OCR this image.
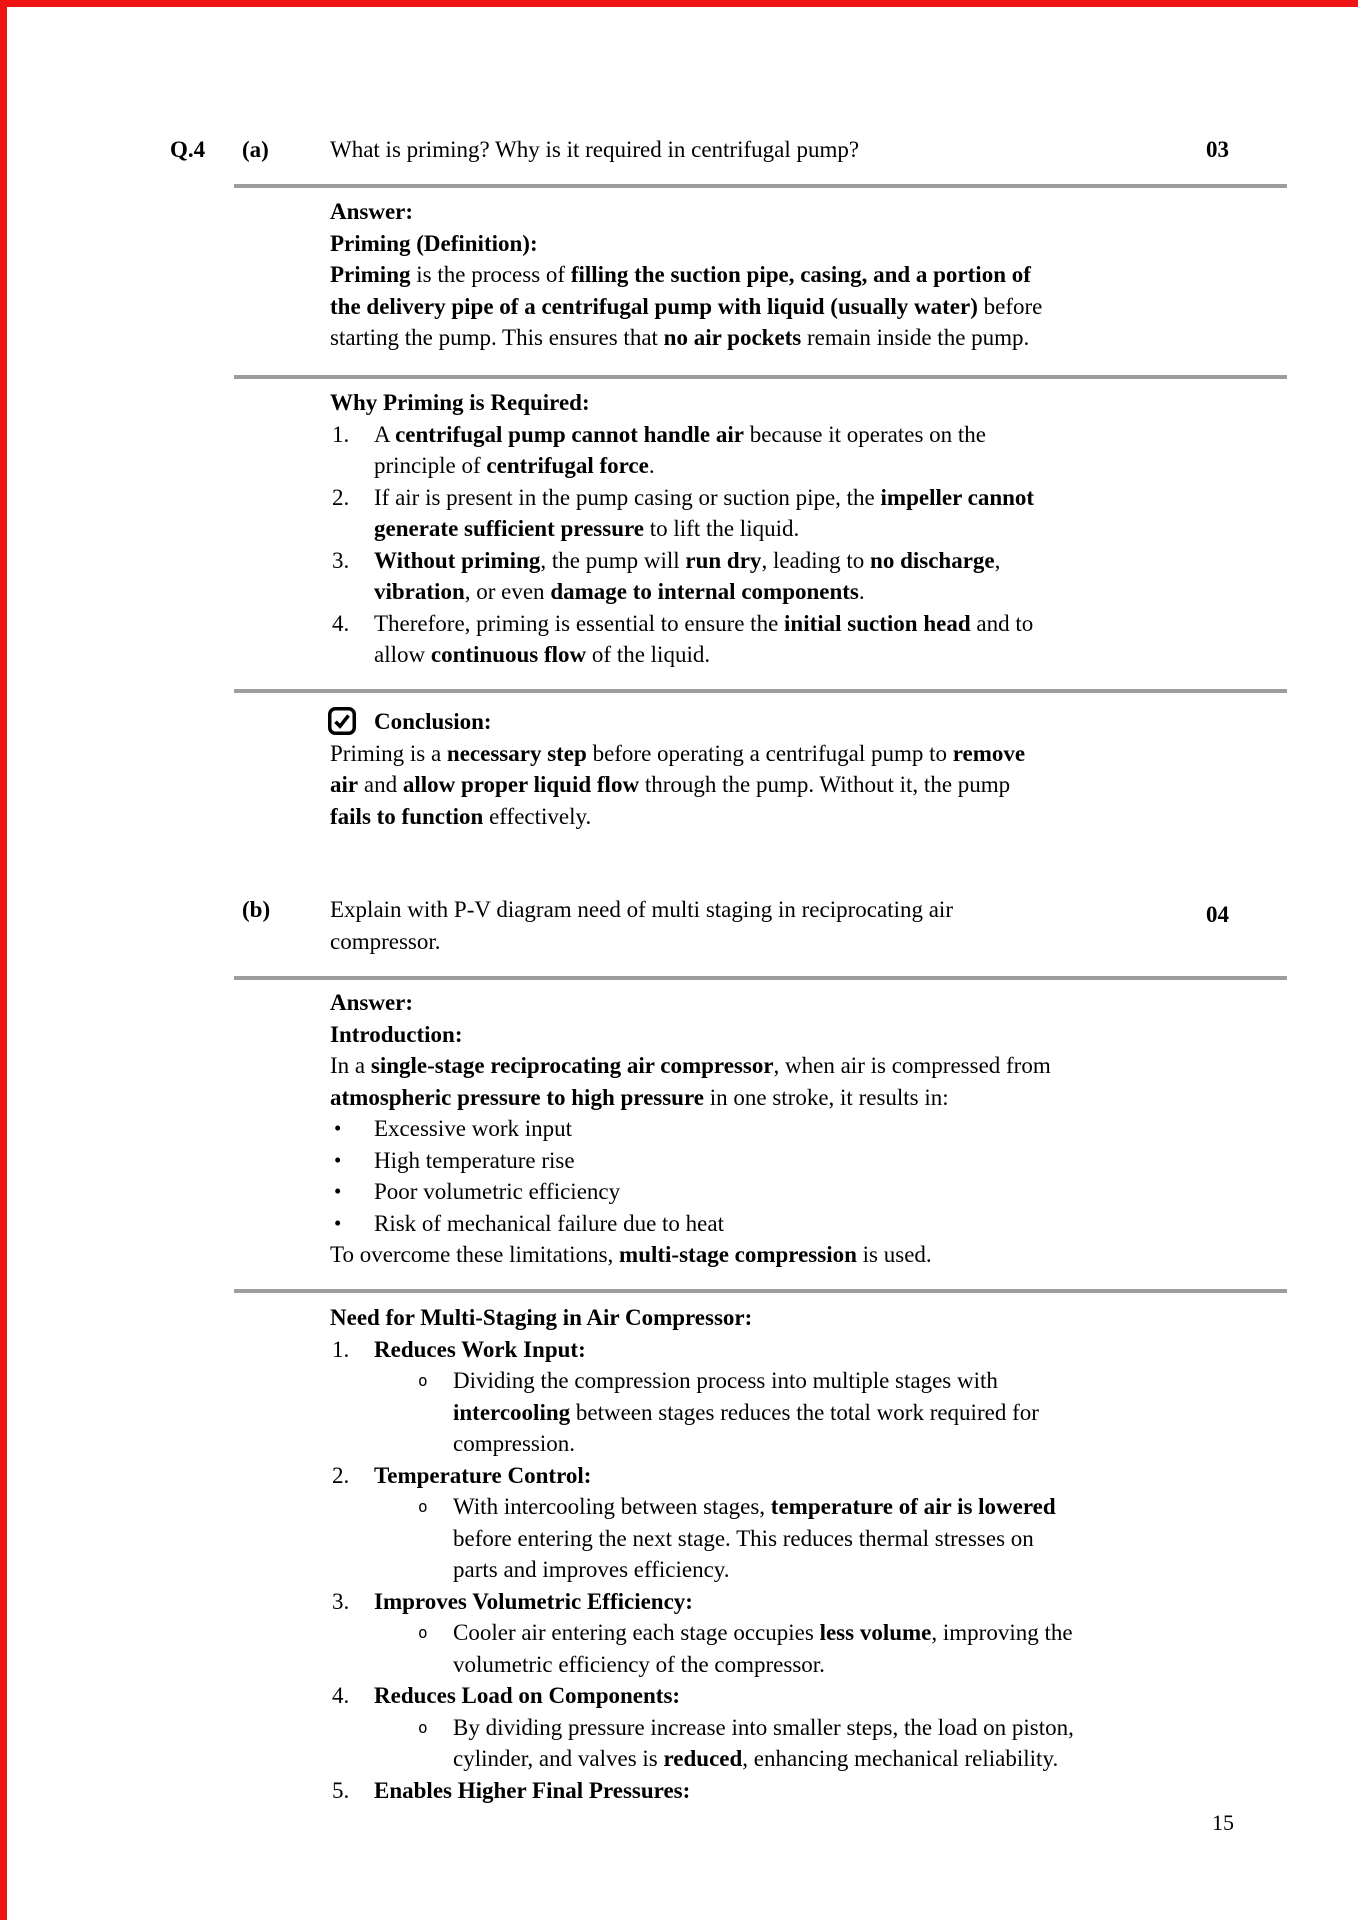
Q.4 (a)	What is priming? Why is it required in centrifugal pump?	03
Answer:
Priming (Definition):
Priming is the process of filling the suction pipe, casing, and a portion of
the delivery pipe of a centrifugal pump with liquid (usually water) before
starting the pump. This ensures that no air pockets remain inside the pump.
Why Priming is Required:
1. A centrifugal pump cannot handle air because it operates on the
principle of centrifugal force.
2. If air is present in the pump casing or suction pipe, the impeller cannot
generate sufficient pressure to lift the liquid.
3. Without priming, the pump will run dry, leading to no discharge,
vibration, or even damage to internal components.
4. Therefore, priming is essential to ensure the initial suction head and to
allow continuous flow of the liquid.
Conclusion:
Priming is a necessary step before operating a centrifugal pump to remove
air and allow proper liquid flow through the pump. Without it, the pump
fails to function effectively.
(b)	Explain with P-V diagram need of multi staging in reciprocating air
compressor.
04
Answer:
Introduction:
In a single-stage reciprocating air compressor, when air is compressed from
atmospheric pressure to high pressure in one stroke, it results in:
• Excessive work input
• High temperature rise
• Poor volumetric efficiency
• Risk of mechanical failure due to heat
To overcome these limitations, multi-stage compression is used.
Need for Multi-Staging in Air Compressor:
1. Reduces Work Input:
o Dividing the compression process into multiple stages with
intercooling between stages reduces the total work required for
compression.
2. Temperature Control:
o With intercooling between stages, temperature of air is lowered
before entering the next stage. This reduces thermal stresses on
parts and improves efficiency.
3. Improves Volumetric Efficiency:
o Cooler air entering each stage occupies less volume, improving the
volumetric efficiency of the compressor.
4. Reduces Load on Components:
o By dividing pressure increase into smaller steps, the load on piston,
cylinder, and valves is reduced, enhancing mechanical reliability.
5. Enables Higher Final Pressures:
15
